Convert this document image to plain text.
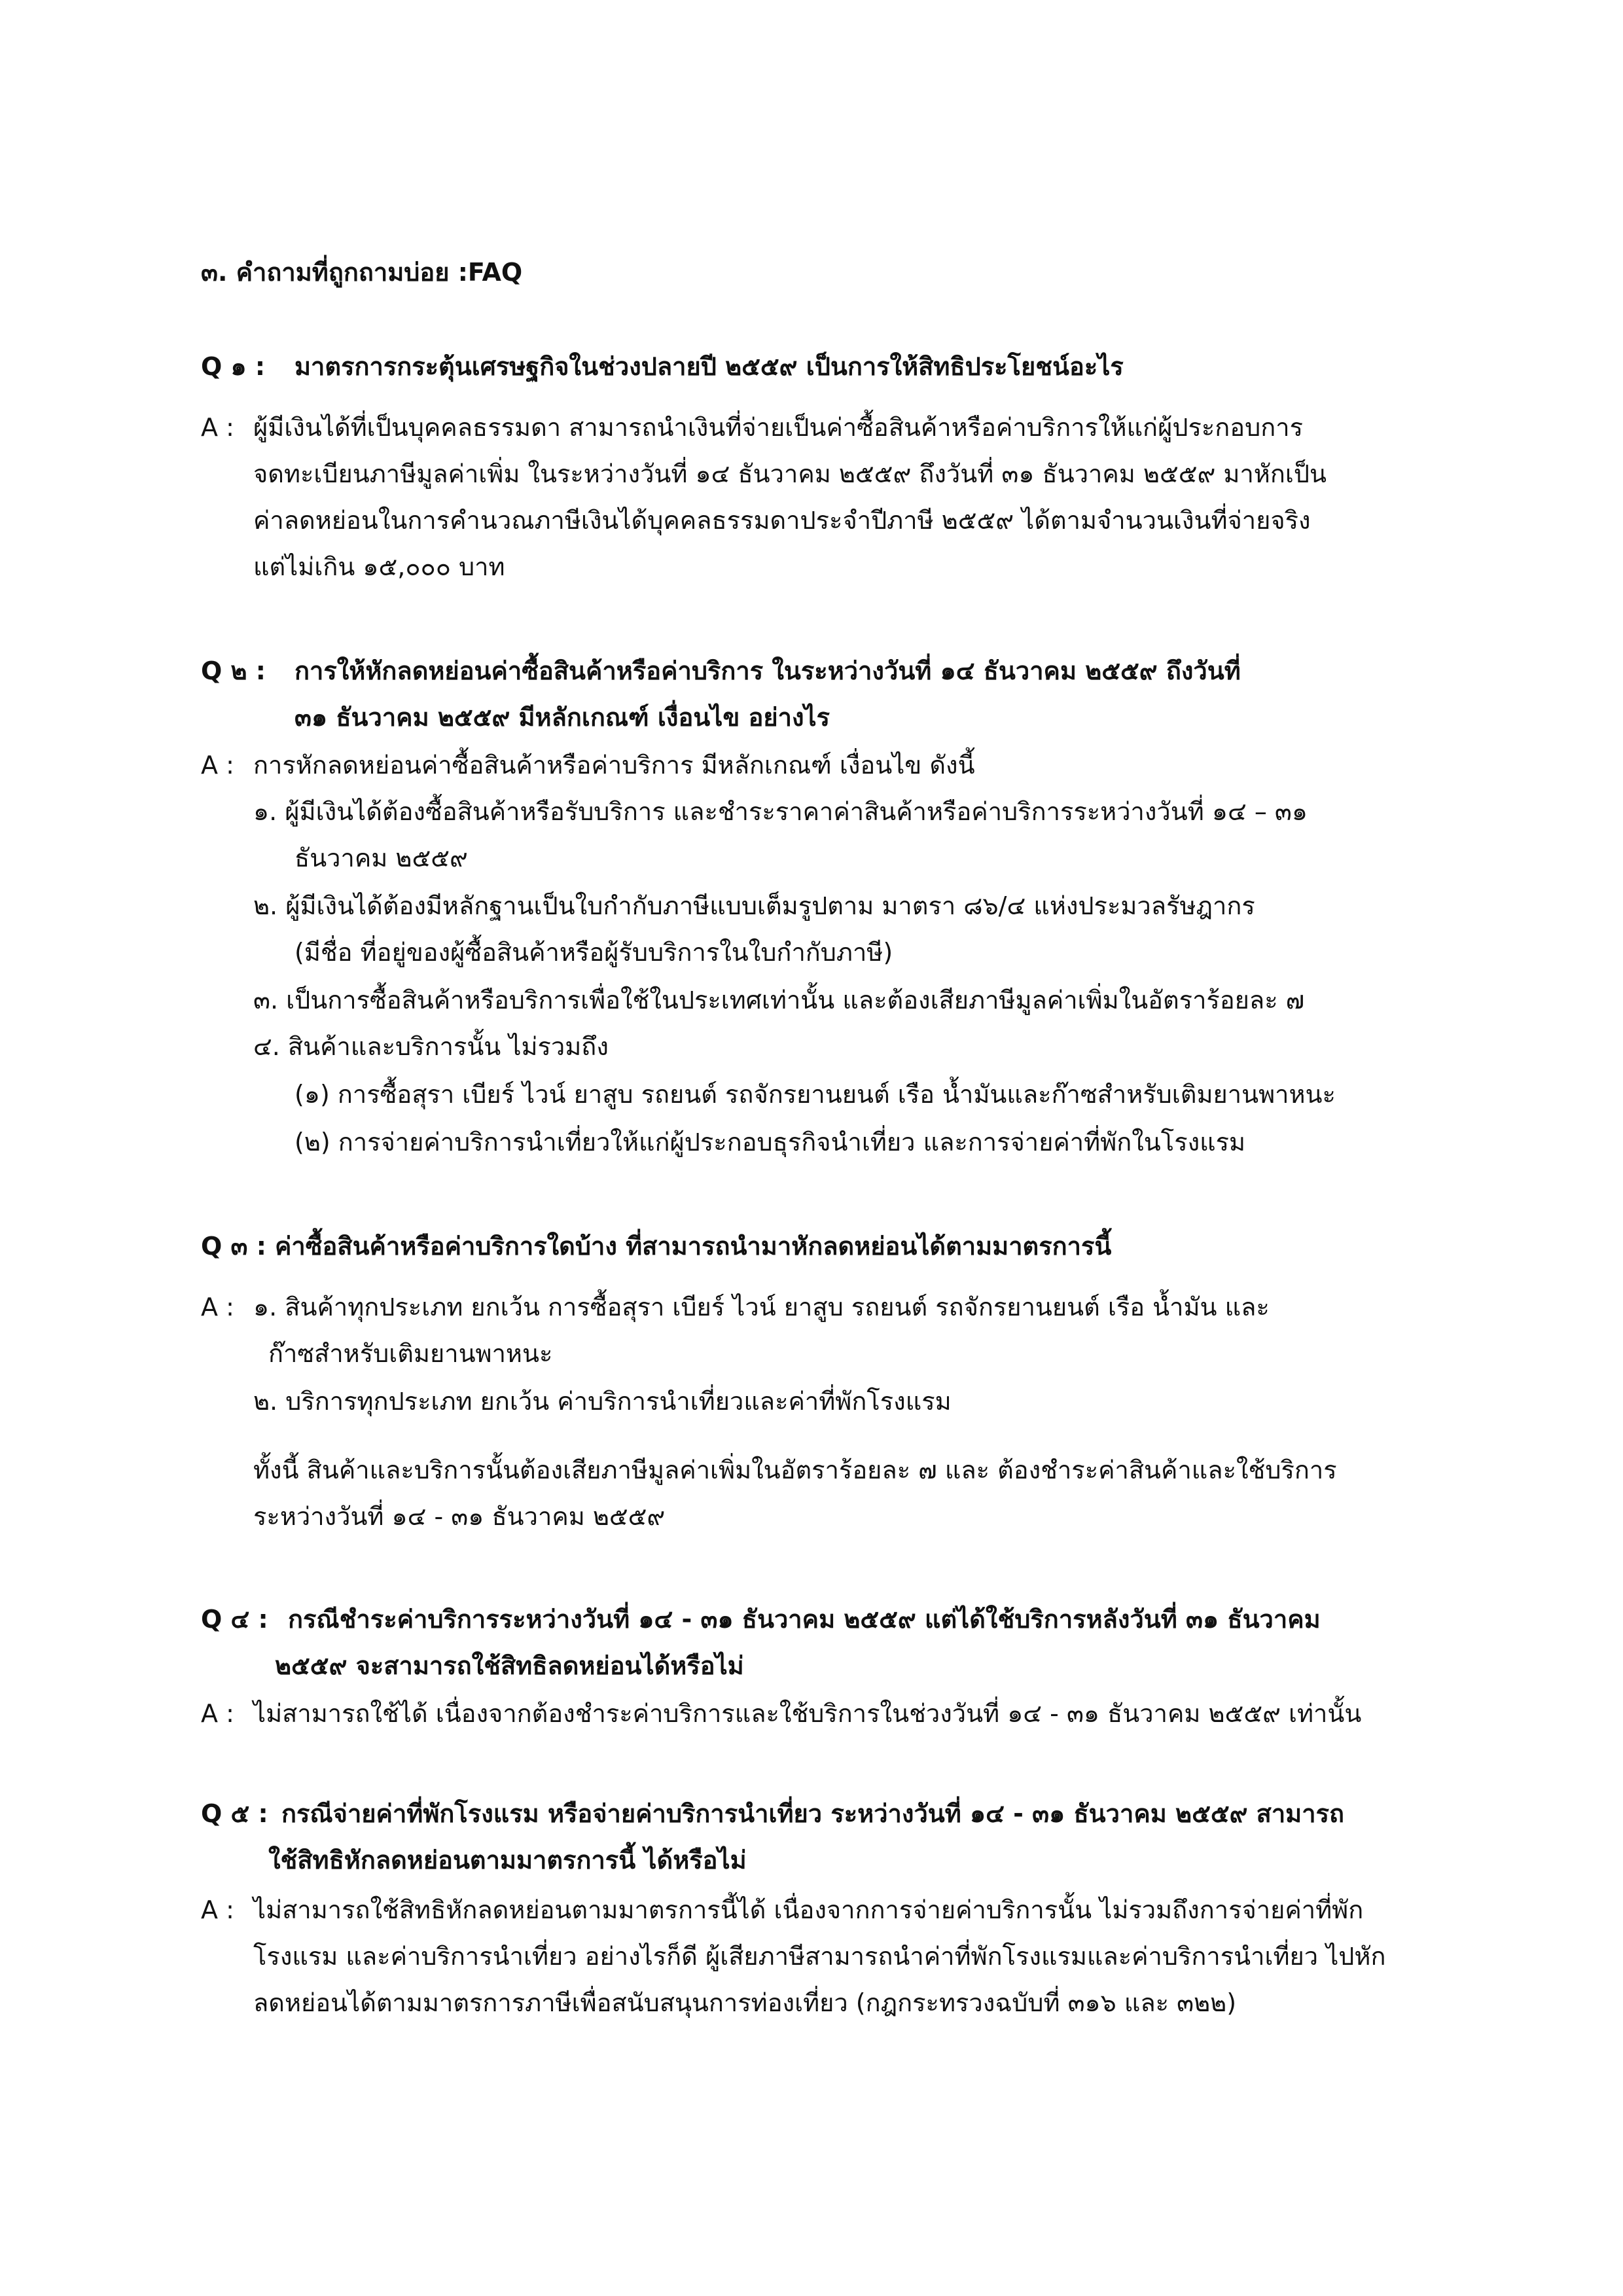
๓. คำถามที่ถูกถามบ่อย :FAQ
Q ๑ : มาตรการกระตุ้นเศรษฐกิจในช่วงปลายปี ๒๕๕๙ เป็นการให้สิทธิประโยชน์อะไร
A : ผู้มีเงินได้ที่เป็นบุคคลธรรมดา สามารถนำเงินที่จ่ายเป็นค่าซื้อสินค้าหรือค่าบริการให้แก่ผู้ประกอบการ
จดทะเบียนภาษีมูลค่าเพิ่ม ในระหว่างวันที่ ๑๔ ธันวาคม ๒๕๕๙ ถึงวันที่ ๓๑ ธันวาคม ๒๕๕๙ มาหักเป็น
ค่าลดหย่อนในการคำนวณภาษีเงินได้บุคคลธรรมดาประจำปีภาษี ๒๕๕๙ ได้ตามจำนวนเงินที่จ่ายจริง
แต่ไม่เกิน ๑๕,๐๐๐ บาท
Q ๒ : การให้หักลดหย่อนค่าซื้อสินค้าหรือค่าบริการ ในระหว่างวันที่ ๑๔ ธันวาคม ๒๕๕๙ ถึงวันที่
๓๑ ธันวาคม ๒๕๕๙ มีหลักเกณฑ์ เงื่อนไข อย่างไร
A : การหักลดหย่อนค่าซื้อสินค้าหรือค่าบริการ มีหลักเกณฑ์ เงื่อนไข ดังนี้
๑. ผู้มีเงินได้ต้องซื้อสินค้าหรือรับบริการ และชำระราคาค่าสินค้าหรือค่าบริการระหว่างวันที่ ๑๔ – ๓๑
ธันวาคม ๒๕๕๙
๒. ผู้มีเงินได้ต้องมีหลักฐานเป็นใบกำกับภาษีแบบเต็มรูปตาม มาตรา ๘๖/๔ แห่งประมวลรัษฎากร
(มีชื่อ ที่อยู่ของผู้ซื้อสินค้าหรือผู้รับบริการในใบกำกับภาษี)
๓. เป็นการซื้อสินค้าหรือบริการเพื่อใช้ในประเทศเท่านั้น และต้องเสียภาษีมูลค่าเพิ่มในอัตราร้อยละ ๗
๔. สินค้าและบริการนั้น ไม่รวมถึง
(๑) การซื้อสุรา เบียร์ ไวน์ ยาสูบ รถยนต์ รถจักรยานยนต์ เรือ น้ำมันและก๊าซสำหรับเติมยานพาหนะ
(๒) การจ่ายค่าบริการนำเที่ยวให้แก่ผู้ประกอบธุรกิจนำเที่ยว และการจ่ายค่าที่พักในโรงแรม
Q ๓ : ค่าซื้อสินค้าหรือค่าบริการใดบ้าง ที่สามารถนำมาหักลดหย่อนได้ตามมาตรการนี้
A : ๑. สินค้าทุกประเภท ยกเว้น การซื้อสุรา เบียร์ ไวน์ ยาสูบ รถยนต์ รถจักรยานยนต์ เรือ น้ำมัน และ
ก๊าซสำหรับเติมยานพาหนะ
๒. บริการทุกประเภท ยกเว้น ค่าบริการนำเที่ยวและค่าที่พักโรงแรม
ทั้งนี้ สินค้าและบริการนั้นต้องเสียภาษีมูลค่าเพิ่มในอัตราร้อยละ ๗ และ ต้องชำระค่าสินค้าและใช้บริการ
ระหว่างวันที่ ๑๔ - ๓๑ ธันวาคม ๒๕๕๙
Q ๔ : กรณีชำระค่าบริการระหว่างวันที่ ๑๔ - ๓๑ ธันวาคม ๒๕๕๙ แต่ได้ใช้บริการหลังวันที่ ๓๑ ธันวาคม
๒๕๕๙ จะสามารถใช้สิทธิลดหย่อนได้หรือไม่
A : ไม่สามารถใช้ได้ เนื่องจากต้องชำระค่าบริการและใช้บริการในช่วงวันที่ ๑๔ - ๓๑ ธันวาคม ๒๕๕๙ เท่านั้น
Q ๕ : กรณีจ่ายค่าที่พักโรงแรม หรือจ่ายค่าบริการนำเที่ยว ระหว่างวันที่ ๑๔ - ๓๑ ธันวาคม ๒๕๕๙ สามารถ
ใช้สิทธิหักลดหย่อนตามมาตรการนี้ ได้หรือไม่
A : ไม่สามารถใช้สิทธิหักลดหย่อนตามมาตรการนี้ได้ เนื่องจากการจ่ายค่าบริการนั้น ไม่รวมถึงการจ่ายค่าที่พัก
โรงแรม และค่าบริการนำเที่ยว อย่างไรก็ดี ผู้เสียภาษีสามารถนำค่าที่พักโรงแรมและค่าบริการนำเที่ยว ไปหัก
ลดหย่อนได้ตามมาตรการภาษีเพื่อสนับสนุนการท่องเที่ยว (กฎกระทรวงฉบับที่ ๓๑๖ และ ๓๒๒)
